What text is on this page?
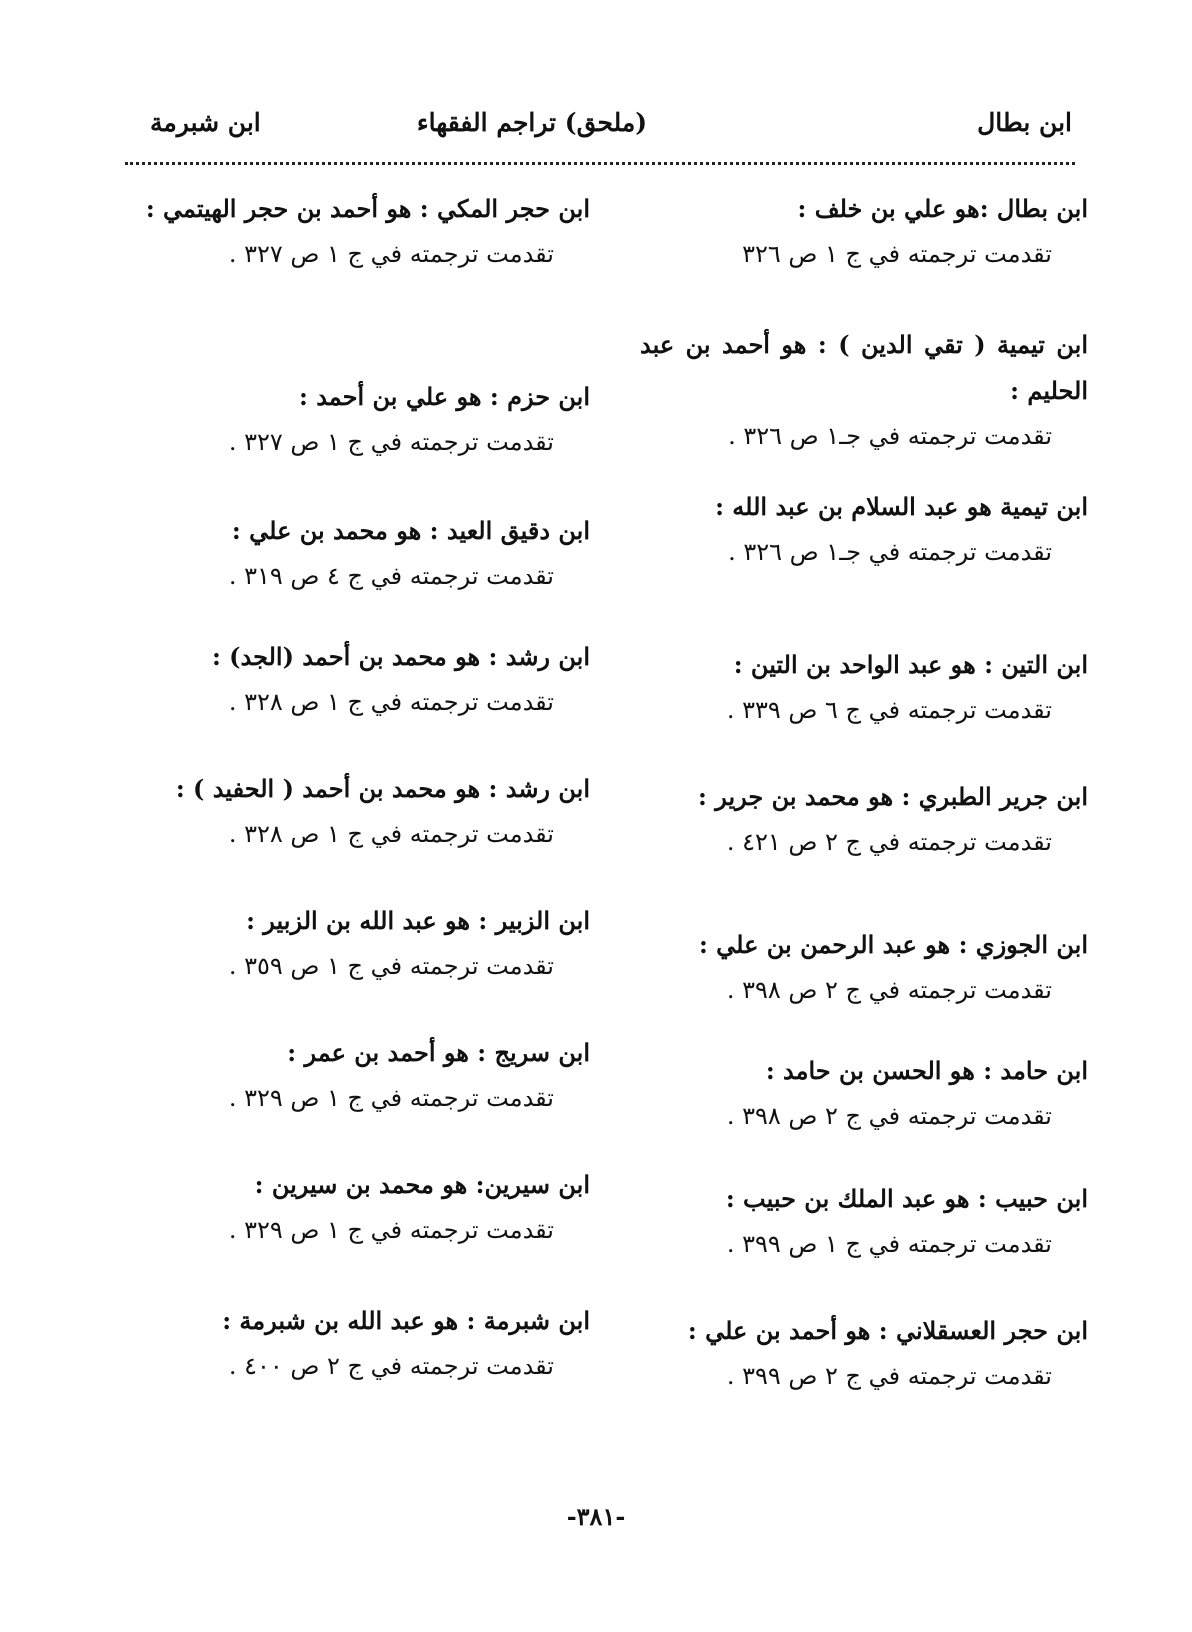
ابن بطال
(ملحق) تراجم الفقهاء
ابن شبرمة
ابن بطال :هو علي بن خلف :
تقدمت ترجمته في ج ١ ص ٣٢٦
ابن تيمية ( تقي الدين ) : هو أحمد بن عبد الحليم :
تقدمت ترجمته في جـ١ ص ٣٢٦ .
ابن تيمية هو عبد السلام بن عبد الله :
تقدمت ترجمته في جـ١ ص ٣٢٦ .
ابن التين : هو عبد الواحد بن التين :
تقدمت ترجمته في ج ٦ ص ٣٣٩ .
ابن جرير الطبري : هو محمد بن جرير :
تقدمت ترجمته في ج ٢ ص ٤٢١ .
ابن الجوزي : هو عبد الرحمن بن علي :
تقدمت ترجمته في ج ٢ ص ٣٩٨ .
ابن حامد : هو الحسن بن حامد :
تقدمت ترجمته في ج ٢ ص ٣٩٨ .
ابن حبيب : هو عبد الملك بن حبيب :
تقدمت ترجمته في ج ١ ص ٣٩٩ .
ابن حجر العسقلاني : هو أحمد بن علي :
تقدمت ترجمته في ج ٢ ص ٣٩٩ .
ابن حجر المكي : هو أحمد بن حجر الهيتمي :
تقدمت ترجمته في ج ١ ص ٣٢٧ .
ابن حزم : هو علي بن أحمد :
تقدمت ترجمته في ج ١ ص ٣٢٧ .
ابن دقيق العيد : هو محمد بن علي :
تقدمت ترجمته في ج ٤ ص ٣١٩ .
ابن رشد : هو محمد بن أحمد (الجد) :
تقدمت ترجمته في ج ١ ص ٣٢٨ .
ابن رشد : هو محمد بن أحمد ( الحفيد ) :
تقدمت ترجمته في ج ١ ص ٣٢٨ .
ابن الزبير : هو عبد الله بن الزبير :
تقدمت ترجمته في ج ١ ص ٣٥٩ .
ابن سريج : هو أحمد بن عمر :
تقدمت ترجمته في ج ١ ص ٣٢٩ .
ابن سيرين: هو محمد بن سيرين :
تقدمت ترجمته في ج ١ ص ٣٢٩ .
ابن شبرمة : هو عبد الله بن شبرمة :
تقدمت ترجمته في ج ٢ ص ٤٠٠ .
-٣٨١-
